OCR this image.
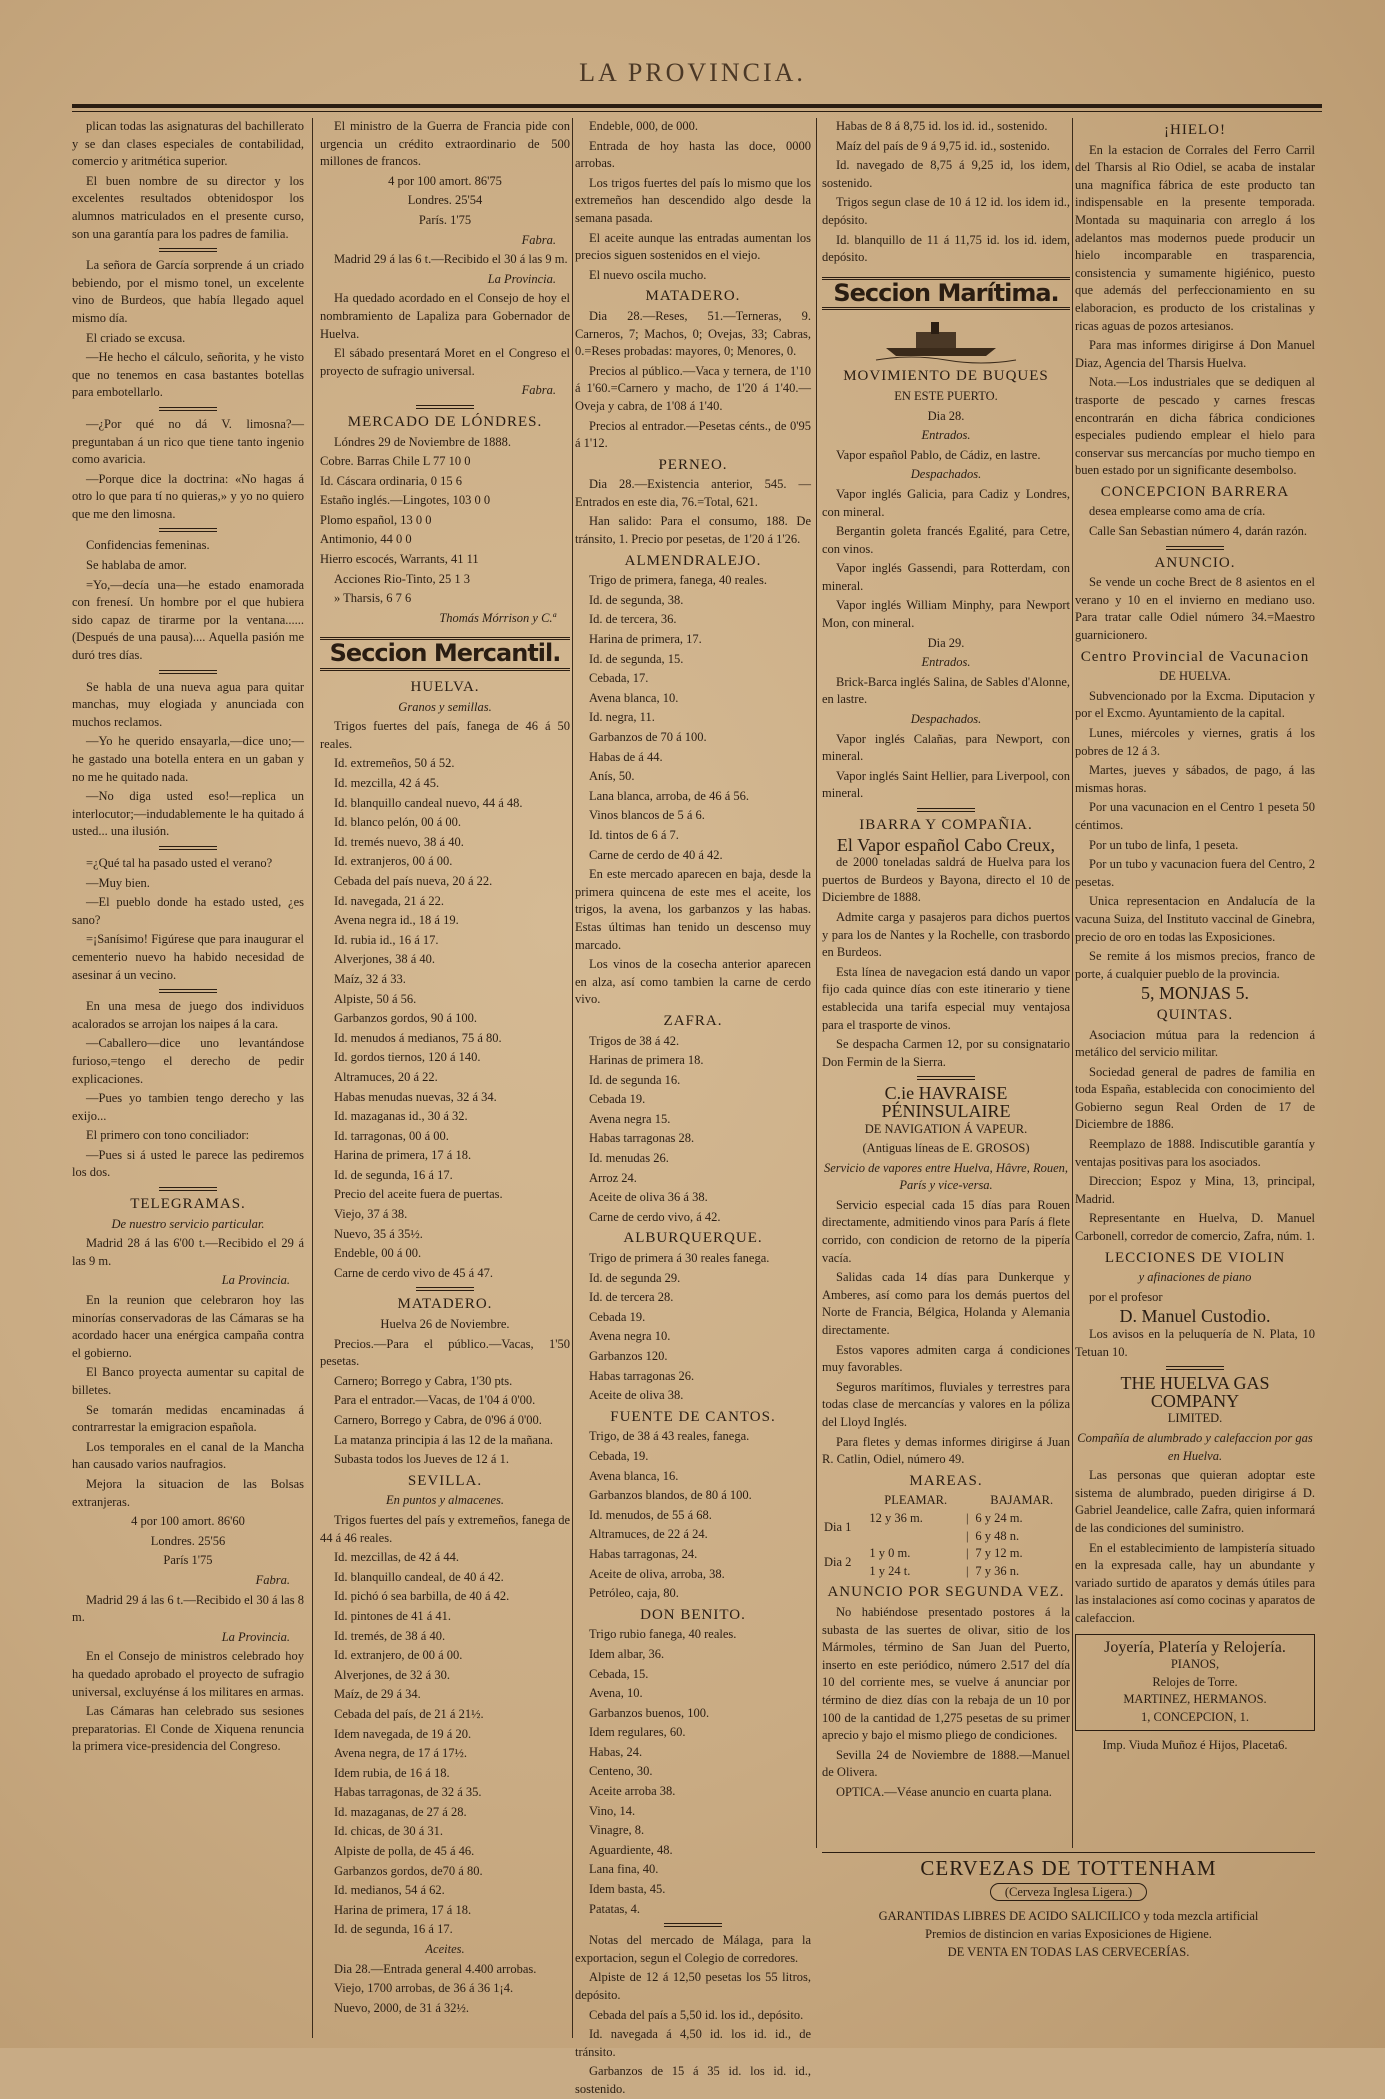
LA PROVINCIA.

plican todas las asignaturas del bachillerato y se dan clases especiales de contabilidad, comercio y aritmética superior.

El buen nombre de su director y los excelentes resultados obtenidospor los alumnos matriculados en el presente curso, son una garantía para los padres de familia.

La señora de García sorprende á un criado bebiendo, por el mismo tonel, un excelente vino de Burdeos, que había llegado aquel mismo día.

El criado se excusa.

—He hecho el cálculo, señorita, y he visto que no tenemos en casa bastantes botellas para embotellarlo.

—¿Por qué no dá V. limosna?—preguntaban á un rico que tiene tanto ingenio como avaricia.

—Porque dice la doctrina: «No hagas á otro lo que para tí no quieras,» y yo no quiero que me den limosna.

Confidencias femeninas.

Se hablaba de amor.

=Yo,—decía una—he estado enamorada con frenesí. Un hombre por el que hubiera sido capaz de tirarme por la ventana...... (Después de una pausa).... Aquella pasión me duró tres días.

Se habla de una nueva agua para quitar manchas, muy elogiada y anunciada con muchos reclamos.

—Yo he querido ensayarla,—dice uno;—he gastado una botella entera en un gaban y no me he quitado nada.

—No diga usted eso!—replica un interlocutor;—indudablemente le ha quitado á usted... una ilusión.

=¿Qué tal ha pasado usted el verano?

—Muy bien.

—El pueblo donde ha estado usted, ¿es sano?

=¡Sanísimo! Figúrese que para inaugurar el cementerio nuevo ha habido necesidad de asesinar á un vecino.

En una mesa de juego dos individuos acalorados se arrojan los naipes á la cara.

—Caballero—dice uno levantándose furioso,=tengo el derecho de pedir explicaciones.

—Pues yo tambien tengo derecho y las exijo...

El primero con tono conciliador:

—Pues si á usted le parece las pediremos los dos.

TELEGRAMAS.
De nuestro servicio particular.

Madrid 28 á las 6'00 t.—Recibido el 29 á las 9 m.

La Provincia.

En la reunion que celebraron hoy las minorías conservadoras de las Cámaras se ha acordado hacer una enérgica campaña contra el gobierno.

El Banco proyecta aumentar su capital de billetes.

Se tomarán medidas encaminadas á contrarrestar la emigracion española.

Los temporales en el canal de la Mancha han causado varios naufragios.

Mejora la situacion de las Bolsas extranjeras.

4 por 100 amort. 86'60

Londres. 25'56

París 1'75

Fabra.

Madrid 29 á las 6 t.—Recibido el 30 á las 8 m.

La Provincia.

En el Consejo de ministros celebrado hoy ha quedado aprobado el proyecto de sufragio universal, excluyénse á los militares en armas.

Las Cámaras han celebrado sus sesiones preparatorias. El Conde de Xiquena renuncia la primera vice-presidencia del Congreso.

El ministro de la Guerra de Francia pide con urgencia un crédito extraordinario de 500 millones de francos.

4 por 100 amort. 86'75

Londres. 25'54

París. 1'75

Fabra.

Madrid 29 á las 6 t.—Recibido el 30 á las 9 m.

La Provincia.

Ha quedado acordado en el Consejo de hoy el nombramiento de Lapaliza para Gobernador de Huelva.

El sábado presentará Moret en el Congreso el proyecto de sufragio universal.

Fabra.

MERCADO DE LÓNDRES.

Lóndres 29 de Noviembre de 1888.

Cobre. Barras Chile L 77 10 0

Id. Cáscara ordinaria, 0 15 6

Estaño inglés.—Lingotes, 103 0 0

Plomo español, 13 0 0

Antimonio, 44 0 0

Hierro escocés, Warrants, 41 11

Acciones Rio-Tinto, 25 1 3

» Tharsis, 6 7 6

Thomás Mórrison y C.ª

Seccion Mercantil.
HUELVA.
Granos y semillas.

Trigos fuertes del país, fanega de 46 á 50 reales.

Id. extremeños, 50 á 52.

Id. mezcilla, 42 á 45.

Id. blanquillo candeal nuevo, 44 á 48.

Id. blanco pelón, 00 á 00.

Id. tremés nuevo, 38 á 40.

Id. extranjeros, 00 á 00.

Cebada del país nueva, 20 á 22.

Id. navegada, 21 á 22.

Avena negra id., 18 á 19.

Id. rubia id., 16 á 17.

Alverjones, 38 á 40.

Maíz, 32 á 33.

Alpiste, 50 á 56.

Garbanzos gordos, 90 á 100.

Id. menudos á medianos, 75 á 80.

Id. gordos tiernos, 120 á 140.

Altramuces, 20 á 22.

Habas menudas nuevas, 32 á 34.

Id. mazaganas id., 30 á 32.

Id. tarragonas, 00 á 00.

Harina de primera, 17 á 18.

Id. de segunda, 16 á 17.

Precio del aceite fuera de puertas.

Viejo, 37 á 38.

Nuevo, 35 á 35½.

Endeble, 00 á 00.

Carne de cerdo vivo de 45 á 47.

MATADERO.

Huelva 26 de Noviembre.

Precios.—Para el público.—Vacas, 1'50 pesetas.

Carnero; Borrego y Cabra, 1'30 pts.

Para el entrador.—Vacas, de 1'04 á 0'00.

Carnero, Borrego y Cabra, de 0'96 á 0'00.

La matanza principia á las 12 de la mañana.

Subasta todos los Jueves de 12 á 1.

SEVILLA.
En puntos y almacenes.

Trigos fuertes del país y extremeños, fanega de 44 á 46 reales.

Id. mezcillas, de 42 á 44.

Id. blanquillo candeal, de 40 á 42.

Id. pichó ó sea barbilla, de 40 á 42.

Id. pintones de 41 á 41.

Id. tremés, de 38 á 40.

Id. extranjero, de 00 á 00.

Alverjones, de 32 á 30.

Maíz, de 29 á 34.

Cebada del país, de 21 á 21½.

Idem navegada, de 19 á 20.

Avena negra, de 17 á 17½.

Idem rubia, de 16 á 18.

Habas tarragonas, de 32 á 35.

Id. mazaganas, de 27 á 28.

Id. chicas, de 30 á 31.

Alpiste de polla, de 45 á 46.

Garbanzos gordos, de70 á 80.

Id. medianos, 54 á 62.

Harina de primera, 17 á 18.

Id. de segunda, 16 á 17.

Aceites.

Dia 28.—Entrada general 4.400 arrobas.

Viejo, 1700 arrobas, de 36 á 36 1¡4.

Nuevo, 2000, de 31 á 32½.

Endeble, 000, de 000.

Entrada de hoy hasta las doce, 0000 arrobas.

Los trigos fuertes del país lo mismo que los extremeños han descendido algo desde la semana pasada.

El aceite aunque las entradas aumentan los precios siguen sostenidos en el viejo.

El nuevo oscila mucho.

MATADERO.

Dia 28.—Reses, 51.—Terneras, 9. Carneros, 7; Machos, 0; Ovejas, 33; Cabras, 0.=Reses probadas: mayores, 0; Menores, 0.

Precios al público.—Vaca y ternera, de 1'10 á 1'60.=Carnero y macho, de 1'20 á 1'40.—Oveja y cabra, de 1'08 á 1'40.

Precios al entrador.—Pesetas cénts., de 0'95 á 1'12.

PERNEO.

Dia 28.—Existencia anterior, 545. —Entrados en este dia, 76.=Total, 621.

Han salido: Para el consumo, 188. De tránsito, 1. Precio por pesetas, de 1'20 á 1'26.

ALMENDRALEJO.

Trigo de primera, fanega, 40 reales.

Id. de segunda, 38.

Id. de tercera, 36.

Harina de primera, 17.

Id. de segunda, 15.

Cebada, 17.

Avena blanca, 10.

Id. negra, 11.

Garbanzos de 70 á 100.

Habas de á 44.

Anís, 50.

Lana blanca, arroba, de 46 á 56.

Vinos blancos de 5 á 6.

Id. tintos de 6 á 7.

Carne de cerdo de 40 á 42.

En este mercado aparecen en baja, desde la primera quincena de este mes el aceite, los trigos, la avena, los garbanzos y las habas. Estas últimas han tenido un descenso muy marcado.

Los vinos de la cosecha anterior aparecen en alza, así como tambien la carne de cerdo vivo.

ZAFRA.

Trigos de 38 á 42.

Harinas de primera 18.

Id. de segunda 16.

Cebada 19.

Avena negra 15.

Habas tarragonas 28.

Id. menudas 26.

Arroz 24.

Aceite de oliva 36 á 38.

Carne de cerdo vivo, á 42.

ALBURQUERQUE.

Trigo de primera á 30 reales fanega.

Id. de segunda 29.

Id. de tercera 28.

Cebada 19.

Avena negra 10.

Garbanzos 120.

Habas tarragonas 26.

Aceite de oliva 38.

FUENTE DE CANTOS.

Trigo, de 38 á 43 reales, fanega.

Cebada, 19.

Avena blanca, 16.

Garbanzos blandos, de 80 á 100.

Id. menudos, de 55 á 68.

Altramuces, de 22 á 24.

Habas tarragonas, 24.

Aceite de oliva, arroba, 38.

Petróleo, caja, 80.

DON BENITO.

Trigo rubio fanega, 40 reales.

Idem albar, 36.

Cebada, 15.

Avena, 10.

Garbanzos buenos, 100.

Idem regulares, 60.

Habas, 24.

Centeno, 30.

Aceite arroba 38.

Vino, 14.

Vinagre, 8.

Aguardiente, 48.

Lana fina, 40.

Idem basta, 45.

Patatas, 4.

Notas del mercado de Málaga, para la exportacion, segun el Colegio de corredores.

Alpiste de 12 á 12,50 pesetas los 55 litros, depósito.

Cebada del país a 5,50 id. los id., depósito.

Id. navegada á 4,50 id. los id. id., de tránsito.

Garbanzos de 15 á 35 id. los id. id., sostenido.

Habas de 8 á 8,75 id. los id. id., sostenido.

Maíz del país de 9 á 9,75 id. id., sostenido.

Id. navegado de 8,75 á 9,25 id, los idem, sostenido.

Trigos segun clase de 10 á 12 id. los idem id., depósito.

Id. blanquillo de 11 á 11,75 id. los id. idem, depósito.

Seccion Marítima.
MOVIMIENTO DE BUQUES

EN ESTE PUERTO.

Dia 28.

Entrados.

Vapor español Pablo, de Cádiz, en lastre.

Despachados.

Vapor inglés Galicia, para Cadiz y Londres, con mineral.

Bergantin goleta francés Egalité, para Cetre, con vinos.

Vapor inglés Gassendi, para Rotterdam, con mineral.

Vapor inglés William Minphy, para Newport Mon, con mineral.

Dia 29.

Entrados.

Brick-Barca inglés Salina, de Sables d'Alonne, en lastre.

Despachados.

Vapor inglés Calañas, para Newport, con mineral.

Vapor inglés Saint Hellier, para Liverpool, con mineral.

IBARRA Y COMPAÑIA.
El Vapor español Cabo Creux,

de 2000 toneladas saldrá de Huelva para los puertos de Burdeos y Bayona, directo el 10 de Diciembre de 1888.

Admite carga y pasajeros para dichos puertos y para los de Nantes y la Rochelle, con trasbordo en Burdeos.

Esta línea de navegacion está dando un vapor fijo cada quince días con este itinerario y tiene establecida una tarifa especial muy ventajosa para el trasporte de vinos.

Se despacha Carmen 12, por su consignatario Don Fermin de la Sierra.

C.ie HAVRAISE PÉNINSULAIRE

DE NAVIGATION Á VAPEUR.

(Antiguas líneas de E. GROSOS)

Servicio de vapores entre Huelva, Hâvre, Rouen, París y vice-versa.

Servicio especial cada 15 días para Rouen directamente, admitiendo vinos para París á flete corrido, con condicion de retorno de la pipería vacía.

Salidas cada 14 días para Dunkerque y Amberes, así como para los demás puertos del Norte de Francia, Bélgica, Holanda y Alemania directamente.

Estos vapores admiten carga á condiciones muy favorables.

Seguros marítimos, fluviales y terrestres para todas clase de mercancías y valores en la póliza del Lloyd Inglés.

Para fletes y demas informes dirigirse á Juan R. Catlin, Odiel, número 49.

MAREAS.
	PLEAMAR.		BAJAMAR.
Dia 1	12 y 36 m.	|	6 y 24 m.
		|	6 y 48 n.
Dia 2	1 y 0 m.	|	7 y 12 m.
	1 y 24 t.	|	7 y 36 n.
ANUNCIO POR SEGUNDA VEZ.

No habiéndose presentado postores á la subasta de las suertes de olivar, sitio de los Mármoles, término de San Juan del Puerto, inserto en este periódico, número 2.517 del día 10 del corriente mes, se vuelve á anunciar por término de diez días con la rebaja de un 10 por 100 de la cantidad de 1,275 pesetas de su primer aprecio y bajo el mismo pliego de condiciones.

Sevilla 24 de Noviembre de 1888.—Manuel de Olivera.

OPTICA.—Véase anuncio en cuarta plana.

¡HIELO!

En la estacion de Corrales del Ferro Carril del Tharsis al Rio Odiel, se acaba de instalar una magnífica fábrica de este producto tan indispensable en la presente temporada. Montada su maquinaria con arreglo á los adelantos mas modernos puede producir un hielo incomparable en trasparencia, consistencia y sumamente higiénico, puesto que además del perfeccionamiento en su elaboracion, es producto de los cristalinas y ricas aguas de pozos artesianos.

Para mas informes dirigirse á Don Manuel Diaz, Agencia del Tharsis Huelva.

Nota.—Los industriales que se dediquen al trasporte de pescado y carnes frescas encontrarán en dicha fábrica condiciones especiales pudiendo emplear el hielo para conservar sus mercancías por mucho tiempo en buen estado por un significante desembolso.

CONCEPCION BARRERA

desea emplearse como ama de cría.

Calle San Sebastian número 4, darán razón.

ANUNCIO.

Se vende un coche Brect de 8 asientos en el verano y 10 en el invierno en mediano uso. Para tratar calle Odiel número 34.=Maestro guarnicionero.

Centro Provincial de Vacunacion

DE HUELVA.

Subvencionado por la Excma. Diputacion y por el Excmo. Ayuntamiento de la capital.

Lunes, miércoles y viernes, gratis á los pobres de 12 á 3.

Martes, jueves y sábados, de pago, á las mismas horas.

Por una vacunacion en el Centro 1 peseta 50 céntimos.

Por un tubo de linfa, 1 peseta.

Por un tubo y vacunacion fuera del Centro, 2 pesetas.

Unica representacion en Andalucía de la vacuna Suiza, del Instituto vaccinal de Ginebra, precio de oro en todas las Exposiciones.

Se remite á los mismos precios, franco de porte, á cualquier pueblo de la provincia.

5, MONJAS 5.
QUINTAS.

Asociacion mútua para la redencion á metálico del servicio militar.

Sociedad general de padres de familia en toda España, establecida con conocimiento del Gobierno segun Real Orden de 17 de Diciembre de 1886.

Reemplazo de 1888. Indiscutible garantía y ventajas positivas para los asociados.

Direccion; Espoz y Mina, 13, principal, Madrid.

Representante en Huelva, D. Manuel Carbonell, corredor de comercio, Zafra, núm. 1.

LECCIONES DE VIOLIN
y afinaciones de piano

por el profesor

D. Manuel Custodio.

Los avisos en la peluquería de N. Plata, 10 Tetuan 10.

THE HUELVA GAS COMPANY

LIMITED.

Compañía de alumbrado y calefaccion por gas en Huelva.

Las personas que quieran adoptar este sistema de alumbrado, pueden dirigirse á D. Gabriel Jeandelice, calle Zafra, quien informará de las condiciones del suministro.

En el establecimiento de lampistería situado en la expresada calle, hay un abundante y variado surtido de aparatos y demás útiles para las instalaciones así como cocinas y aparatos de calefaccion.

Joyería, Platería y Relojería.
PIANOS,
Relojes de Torre.
MARTINEZ, HERMANOS.
1, CONCEPCION, 1.

Imp. Viuda Muñoz é Hijos, Placeta6.

CERVEZAS DE TOTTENHAM
(Cerveza Inglesa Ligera.)
GARANTIDAS LIBRES DE ACIDO SALICILICO y toda mezcla artificial
Premios de distincion en varias Exposiciones de Higiene.
DE VENTA EN TODAS LAS CERVECERÍAS.
